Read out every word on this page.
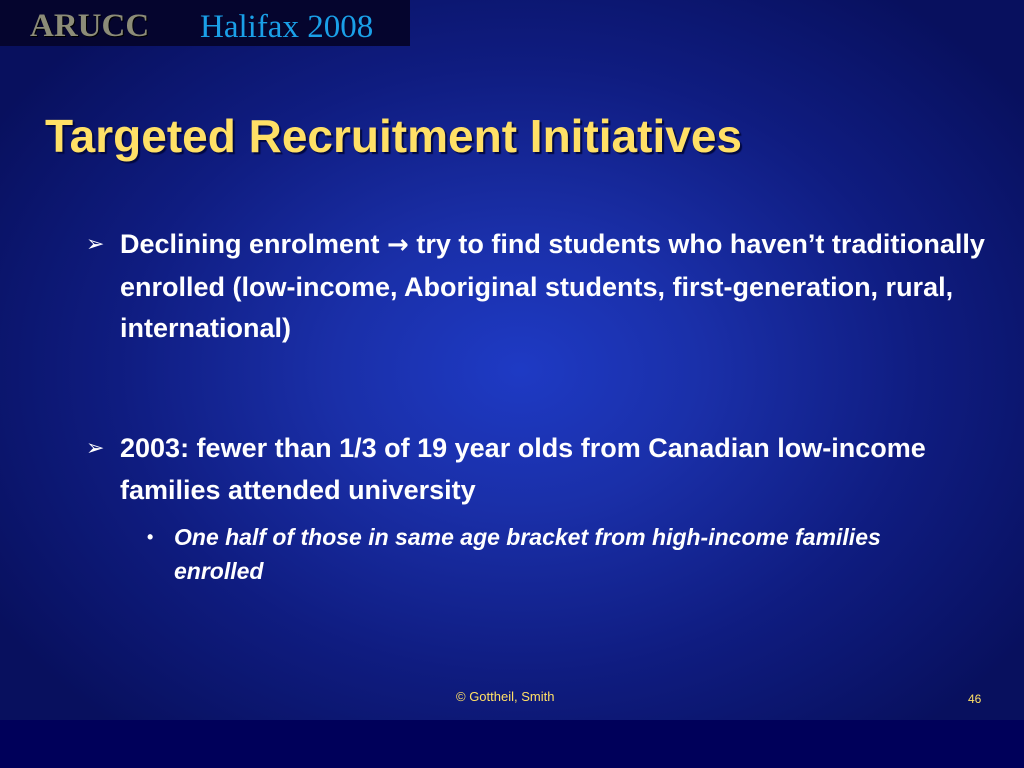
ARUCC Halifax 2008
Targeted Recruitment Initiatives
➢ Declining enrolment → try to find students who haven’t traditionally enrolled (low-income, Aboriginal students, first-generation, rural, international)
➢ 2003: fewer than 1/3 of 19 year olds from Canadian low-income families attended university
• One half of those in same age bracket from high-income families enrolled
© Gottheil, Smith	46
